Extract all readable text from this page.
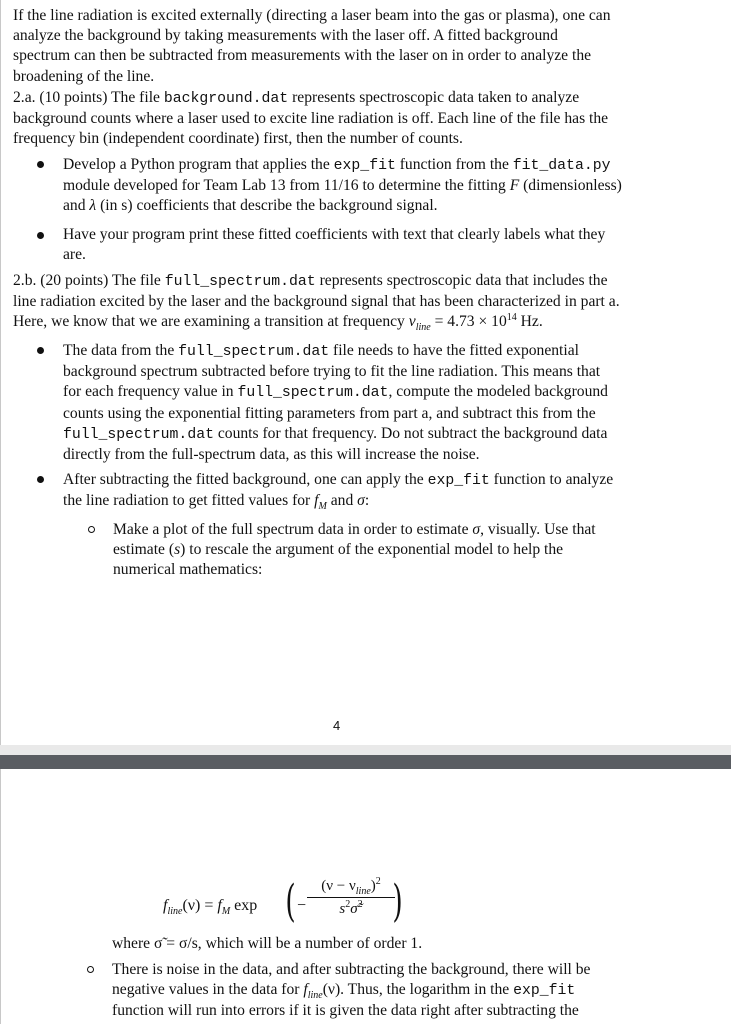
If the line radiation is excited externally (directing a laser beam into the gas or plasma), one can
analyze the background by taking measurements with the laser off. A fitted background
spectrum can then be subtracted from measurements with the laser on in order to analyze the
broadening of the line.

2.a. (10 points) The file background.dat represents spectroscopic data taken to analyze
background counts where a laser used to excite line radiation is off. Each line of the file has the
frequency bin (independent coordinate) first, then the number of counts.

Develop a Python program that applies the exp_fit function from the fit_data.py
module developed for Team Lab 13 from 11/16 to determine the fitting F (dimensionless)
and λ (in s) coefficients that describe the background signal.

Have your program print these fitted coefficients with text that clearly labels what they
are.

2.b. (20 points) The file full_spectrum.dat represents spectroscopic data that includes the
line radiation excited by the laser and the background signal that has been characterized in part a.
Here, we know that we are examining a transition at frequency $\nu_{line} = 4.73 \times 10^{14}$ Hz.

The data from the full_spectrum.dat file needs to have the fitted exponential
background spectrum subtracted before trying to fit the line radiation. This means that
for each frequency value in full_spectrum.dat, compute the modeled background
counts using the exponential fitting parameters from part a, and subtract this from the
full_spectrum.dat counts for that frequency. Do not subtract the background data
directly from the full-spectrum data, as this will increase the noise.

After subtracting the fitted background, one can apply the exp_fit function to analyze
the line radiation to get fitted values for $f_M$ and σ:

Make a plot of the full spectrum data in order to estimate σ, visually. Use that
estimate (s) to rescale the argument of the exponential model to help the
numerical mathematics:

4
$f_{line}(\nu) = f_M$ exp ( −
$(\nu - \nu_{line})^2$
$s^2\sigmã^2$ )

where σ̃ = σ/s, which will be a number of order 1.

There is noise in the data, and after subtracting the background, there will be
negative values in the data for $f_{line}(\nu)$. Thus, the logarithm in the exp_fit
function will run into errors if it is given the data right after subtracting the
